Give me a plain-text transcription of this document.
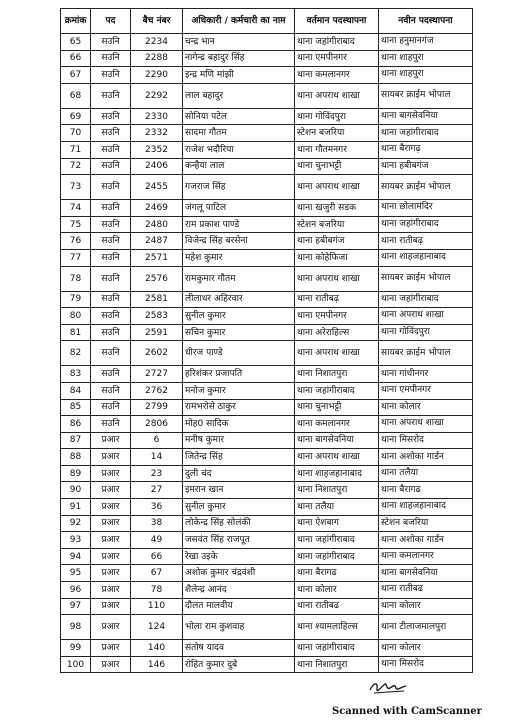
क्रमांक	पद	बैच नंबर	अधिकारी / कर्मचारी का नाम	वर्तमान पदस्थापना	नवीन पदस्थापना
65	सउनि	2234	चन्द्र भान	थाना जहांगीराबाद	थाना हनुमानगंज
66	सउनि	2288	नागेन्द्र बहादुर सिंह	थाना एमपीनगर	थाना शाहपुरा
67	सउनि	2290	इन्द्र मणि मांझी	थाना कमलानगर	थाना शाहपुरा
68	सउनि	2292	लाल बहादुर	थाना अपराध शाखा	सायबर क्राईम भोपाल
69	सउनि	2330	सोनिया पटेल	थाना गोविंदपुरा	थाना बागसेवनिया
70	सउनि	2332	सादमा गौतम	स्टेशन बजरिया	थाना जहांगीराबाद
71	सउनि	2352	राजेश भदौरिया	थाना गौतमनगर	थाना बैरागढ़
72	सउनि	2406	कन्हैया लाल	थाना चुनाभट्टी	थाना हबीबगंज
73	सउनि	2455	गजराज सिंह	थाना अपराध शाखा	सायबर क्राईम भोपाल
74	सउनि	2469	जंगलू पाटिल	थाना खजुरी सडक	थाना छोलामंदिर
75	सउनि	2480	राम प्रकाश पाण्डे	स्टेशन बजरिया	थाना जहांगीराबाद
76	सउनि	2487	विजेन्द्र सिंह बरसेना	थाना हबीबगंज	थाना रातीबढ़
77	सउनि	2571	महेश कुमार	थाना कोहेफिजा	थाना शाहजहानाबाद
78	सउनि	2576	रामकुमार गौतम	थाना अपराध शाखा	सायबर क्राईम भोपाल
79	सउनि	2581	लीलाधर अहिरवार	थाना रातीबढ़	थाना जहांगीराबाद
80	सउनि	2583	सुनील कुमार	थाना एमपीनगर	थाना अपराध शाखा
81	सउनि	2591	सचिन कुमार	थाना अरेराहिल्स	थाना गोविंदपुरा
82	सउनि	2602	धीरज पाण्डे	थाना अपराध शाखा	सायबर क्राईम भोपाल
83	सउनि	2727	हरिशंकर प्रजापति	थाना निशातपुरा	थाना गांधीनगर
84	सउनि	2762	मनोज कुमार	थाना जहांगीराबाद	थाना एमपीनगर
85	सउनि	2799	रामभरोसे ठाकुर	थाना चुनाभट्टी	थाना कोलार
86	सउनि	2806	मोह0 सादिक	थाना कमलानगर	थाना अपराध शाखा
87	प्रआर	6	मनीष कुमार	थाना बागसेवनिया	थाना मिसरोद
88	प्रआर	14	जितेन्द्र सिंह	थाना अपराध शाखा	थाना अशोका गार्डन
89	प्रआर	23	दुली चंद	थाना शाहजहानाबाद	थाना तलैया
90	प्रआर	27	इमरान खान	थाना निशातपुरा	थाना बैरागढ
91	प्रआर	36	सुनील कुमार	थाना तलैया	थाना शाहजहानाबाद
92	प्रआर	38	लोकेन्द्र सिंह सोलंकी	थाना ऐशबाग	स्टेशन बजरिया
93	प्रआर	49	जसवंत सिंह राजपूत	थाना जहांगीराबाद	थाना अशोका गार्डन
94	प्रआर	66	रेखा उइके	थाना जहांगीराबाद	थाना कमलानगर
95	प्रआर	67	अशोक कुमार चंद्रवंशी	थाना बैरागढ	थाना बागसेवनिया
96	प्रआर	78	शैलेन्द्र आनंद	थाना कोलार	थाना रातीबढ
97	प्रआर	110	दौलत मालवीय	थाना रातीबढ	थाना कोलार
98	प्रआर	124	भोला राम कुशवाह	थाना श्यामलाहिल्स	थाना टीलाजमालपुरा
99	प्रआर	140	संतोष यादव	थाना जहांगीराबाद	थाना कोलार
100	प्रआर	146	रोहित कुमार दुबे	थाना निशातपुरा	थाना मिसरोद
Scanned with CamScanner
